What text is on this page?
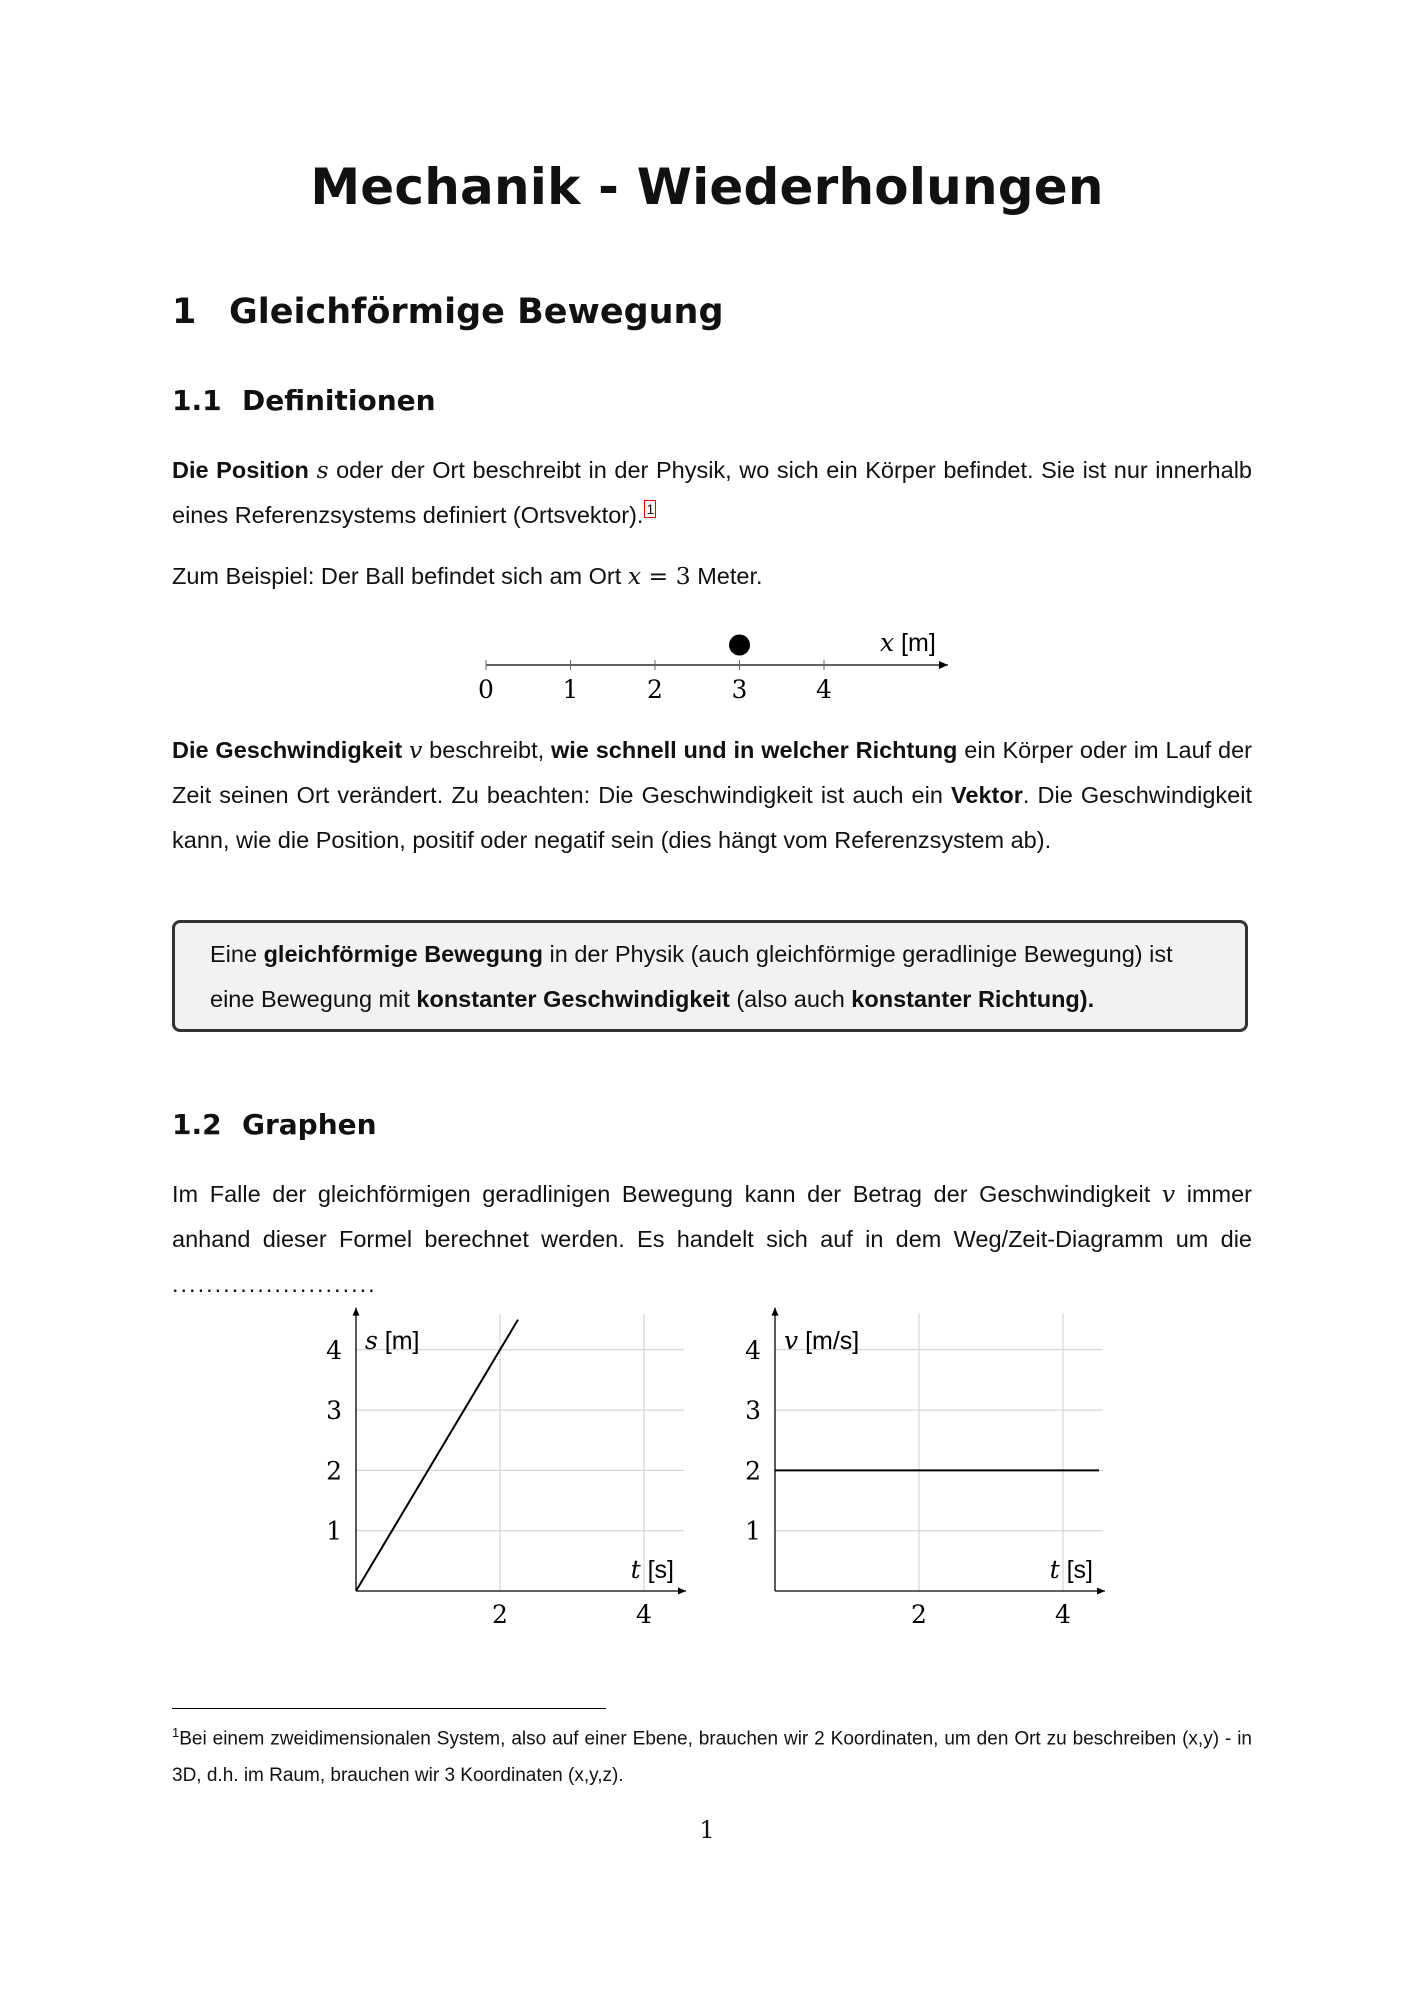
Mechanik - Wiederholungen
1 Gleichförmige Bewegung
1.1 Definitionen
Die Position s oder der Ort beschreibt in der Physik, wo sich ein Körper befindet. Sie ist nur innerhalb eines Referenzsystems definiert (Ortsvektor). $^1$
Zum Beispiel: Der Ball befindet sich am Ort x = 3 Meter.
0	1	2	3	4
x [m]
Die Geschwindigkeit v beschreibt, wie schnell und in welcher Richtung ein Körper oder im Lauf der Zeit seinen Ort verändert. Zu beachten: Die Geschwindigkeit ist auch ein Vektor. Die Geschwindigkeit kann, wie die Position, positif oder negatif sein (dies hängt vom Referenzsystem ab).
Eine gleichförmige Bewegung in der Physik (auch gleichförmige geradlinige Bewegung) ist eine Bewegung mit konstanter Geschwindigkeit (also auch konstanter Richtung).
1.2 Graphen
Im Falle der gleichförmigen geradlinigen Bewegung kann der Betrag der Geschwindigkeit v immer anhand dieser Formel berechnet werden. Es handelt sich auf in dem Weg/Zeit-Diagramm um die ........................
1
2
3
4
2	4
s [m]
t [s]
1
2
3
4
2	4
v [m/s]
t [s]
$^1$Bei einem zweidimensionalen System, also auf einer Ebene, brauchen wir 2 Koordinaten, um den Ort zu beschreiben (x,y) - in 3D, d.h. im Raum, brauchen wir 3 Koordinaten (x,y,z).
1
